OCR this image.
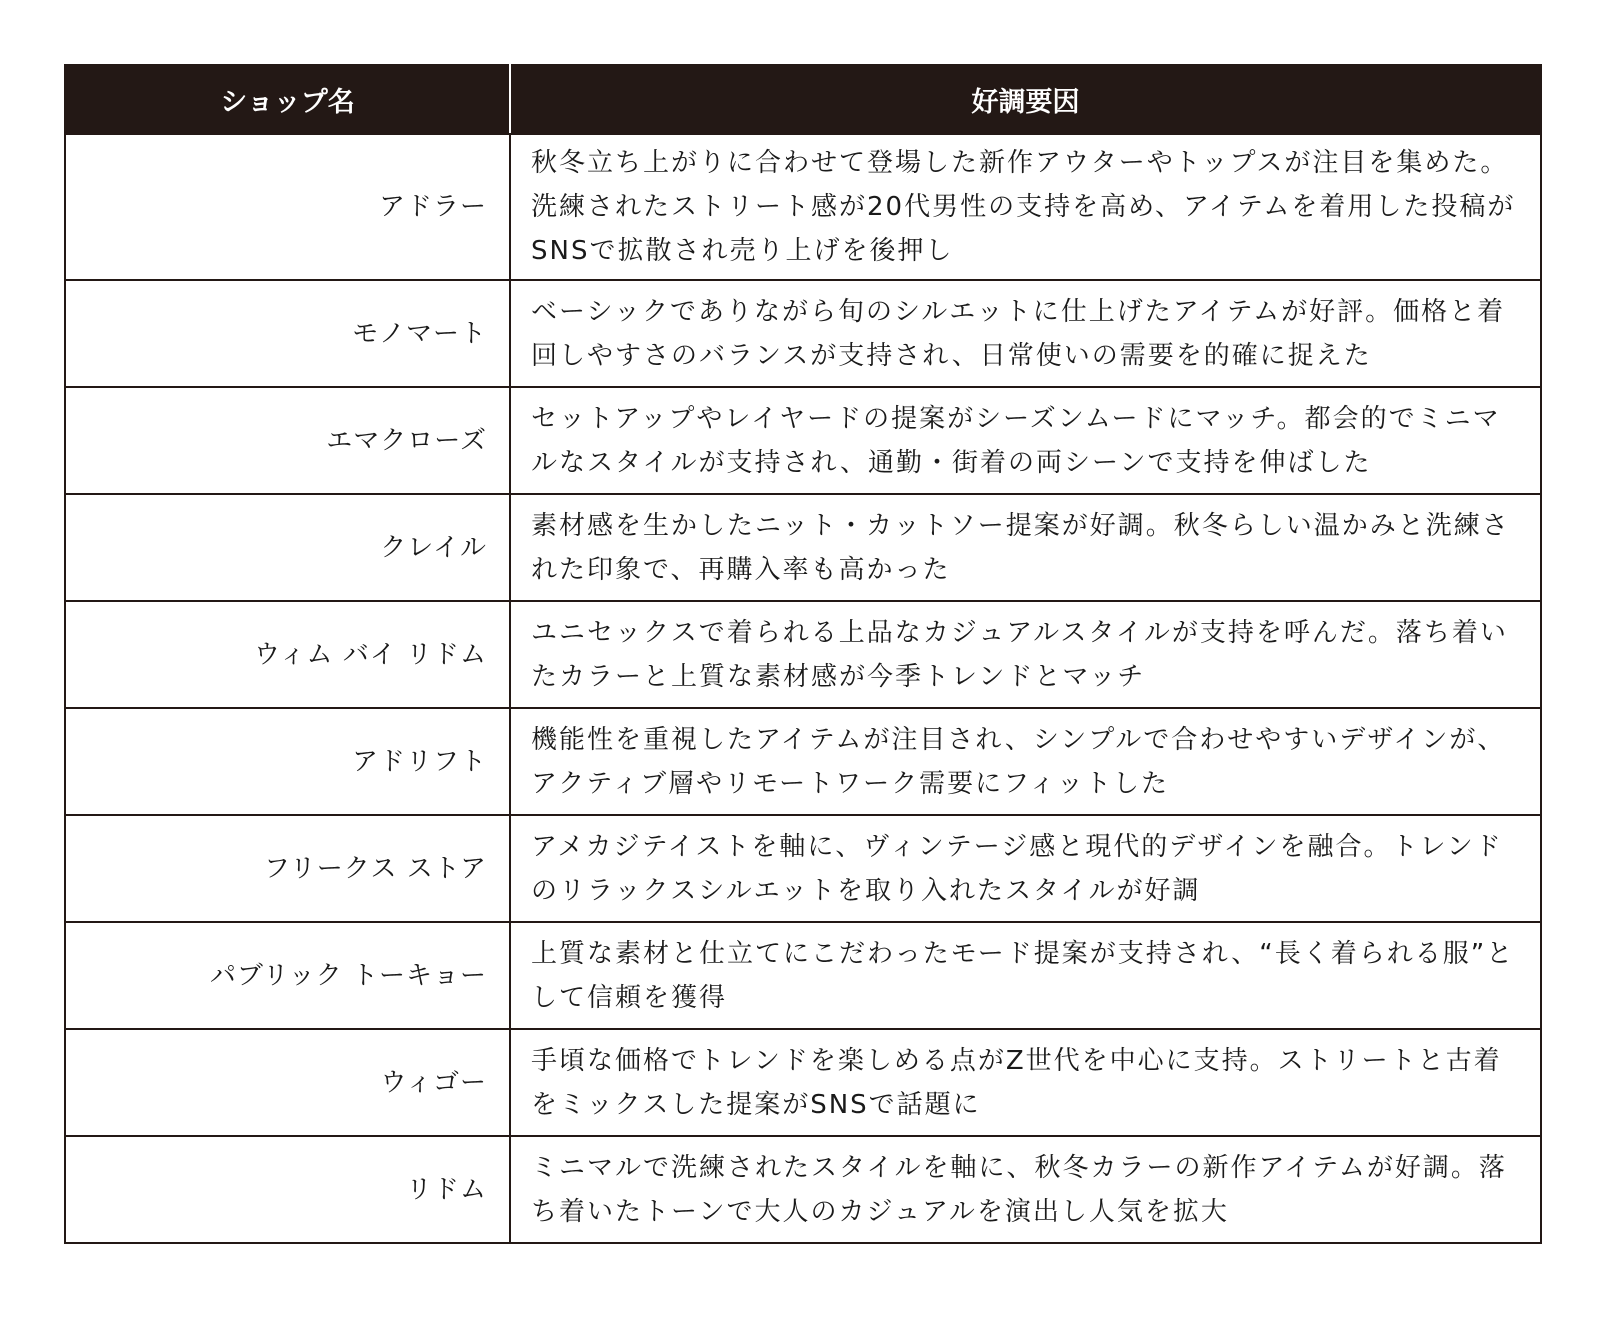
ショップ名	好調要因
アドラー	秋冬立ち上がりに合わせて登場した新作アウターやトップスが注目を集めた。洗練されたストリート感が20代男性の支持を高め、アイテムを着用した投稿がSNSで拡散され売り上げを後押し
モノマート	ベーシックでありながら旬のシルエットに仕上げたアイテムが好評。価格と着回しやすさのバランスが支持され、日常使いの需要を的確に捉えた
エマクローズ	セットアップやレイヤードの提案がシーズンムードにマッチ。都会的でミニマルなスタイルが支持され、通勤・街着の両シーンで支持を伸ばした
クレイル	素材感を生かしたニット・カットソー提案が好調。秋冬らしい温かみと洗練された印象で、再購入率も高かった
ウィム バイ リドム	ユニセックスで着られる上品なカジュアルスタイルが支持を呼んだ。落ち着いたカラーと上質な素材感が今季トレンドとマッチ
アドリフト	機能性を重視したアイテムが注目され、シンプルで合わせやすいデザインが、アクティブ層やリモートワーク需要にフィットした
フリークス ストア	アメカジテイストを軸に、ヴィンテージ感と現代的デザインを融合。トレンドのリラックスシルエットを取り入れたスタイルが好調
パブリック トーキョー	上質な素材と仕立てにこだわったモード提案が支持され、“長く着られる服”として信頼を獲得
ウィゴー	手頃な価格でトレンドを楽しめる点がZ世代を中心に支持。ストリートと古着をミックスした提案がSNSで話題に
リドム	ミニマルで洗練されたスタイルを軸に、秋冬カラーの新作アイテムが好調。落ち着いたトーンで大人のカジュアルを演出し人気を拡大
